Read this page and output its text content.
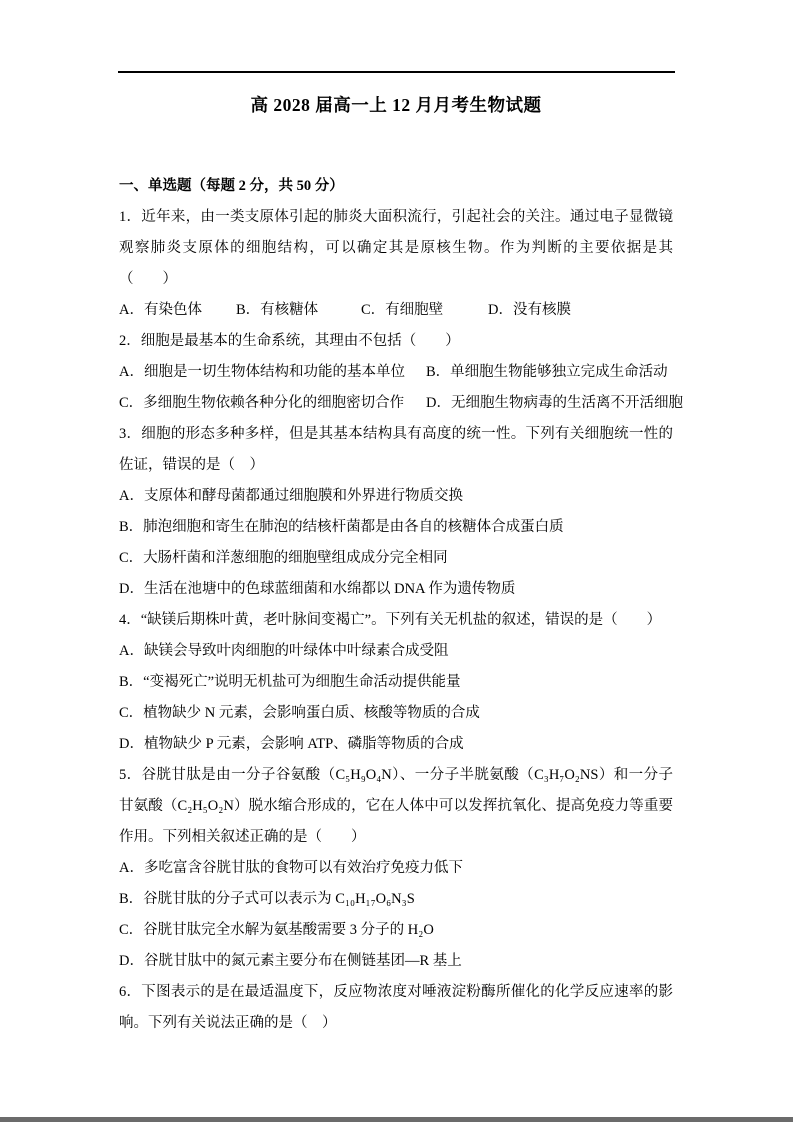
高 2028 届高一上 12 月月考生物试题

一、单选题（每题 2 分，共 50 分）

1．近年来，由一类支原体引起的肺炎大面积流行，引起社会的关注。通过电子显微镜观察肺炎支原体的细胞结构，可以确定其是原核生物。作为判断的主要依据是其（　　）

A．有染色体	B．有核糖体	C．有细胞壁	D．没有核膜

2．细胞是最基本的生命系统，其理由不包括（　　）

A．细胞是一切生物体结构和功能的基本单位	B．单细胞生物能够独立完成生命活动
C．多细胞生物依赖各种分化的细胞密切合作	D．无细胞生物病毒的生活离不开活细胞

3．细胞的形态多种多样，但是其基本结构具有高度的统一性。下列有关细胞统一性的佐证，错误的是（　）

A．支原体和酵母菌都通过细胞膜和外界进行物质交换

B．肺泡细胞和寄生在肺泡的结核杆菌都是由各自的核糖体合成蛋白质

C．大肠杆菌和洋葱细胞的细胞壁组成成分完全相同

D．生活在池塘中的色球蓝细菌和水绵都以 DNA 作为遗传物质

4．“缺镁后期株叶黄，老叶脉间变褐亡”。下列有关无机盐的叙述，错误的是（　　）

A．缺镁会导致叶肉细胞的叶绿体中叶绿素合成受阻

B．“变褐死亡”说明无机盐可为细胞生命活动提供能量

C．植物缺少 N 元素，会影响蛋白质、核酸等物质的合成

D．植物缺少 P 元素，会影响 ATP、磷脂等物质的合成

5．谷胱甘肽是由一分子谷氨酸（C₅H₉O₄N）、一分子半胱氨酸（C₃H₇O₂NS）和一分子甘氨酸（C₂H₅O₂N）脱水缩合形成的，它在人体中可以发挥抗氧化、提高免疫力等重要作用。下列相关叙述正确的是（　　）

A．多吃富含谷胱甘肽的食物可以有效治疗免疫力低下

B．谷胱甘肽的分子式可以表示为 C₁₀H₁₇O₆N₃S

C．谷胱甘肽完全水解为氨基酸需要 3 分子的 H₂O

D．谷胱甘肽中的氮元素主要分布在侧链基团—R 基上

6．下图表示的是在最适温度下，反应物浓度对唾液淀粉酶所催化的化学反应速率的影响。下列有关说法正确的是（　）
